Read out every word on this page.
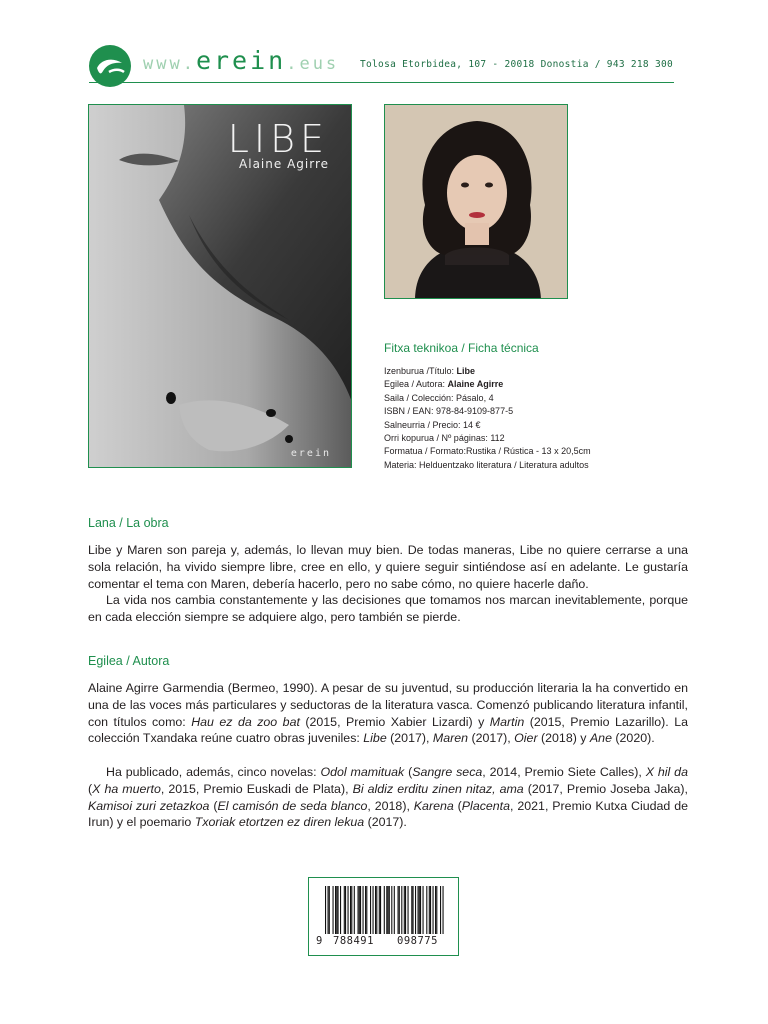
www.erein.eus Tolosa Etorbidea, 107 - 20018 Donostia / 943 218 300
LIBE
Alaine Agirre
erein
Fitxa teknikoa / Ficha técnica
Izenburua /Título: Libe
Egilea / Autora: Alaine Agirre
Saila / Colección: Pásalo, 4
ISBN / EAN: 978-84-9109-877-5
Salneurria / Precio: 14 €
Orri kopurua / Nº páginas: 112
Formatua / Formato:Rustika / Rústica - 13 x 20,5cm
Materia: Helduentzako literatura / Literatura adultos
Lana / La obra

Libe y Maren son pareja y, además, lo llevan muy bien. De todas maneras, Libe no quiere cerrarse a una sola relación, ha vivido siempre libre, cree en ello, y quiere seguir sintiéndose así en adelante. Le gustaría comentar el tema con Maren, debería hacerlo, pero no sabe cómo, no quiere hacerle daño.

La vida nos cambia constantemente y las decisiones que tomamos nos marcan inevitablemente, porque en cada elección siempre se adquiere algo, pero también se pierde.

Egilea / Autora

Alaine Agirre Garmendia (Bermeo, 1990). A pesar de su juventud, su producción literaria la ha convertido en una de las voces más particulares y seductoras de la literatura vasca. Comenzó publicando literatura infantil, con títulos como: Hau ez da zoo bat (2015, Premio Xabier Lizardi) y Martin (2015, Premio Lazarillo). La colección Txandaka reúne cuatro obras juveniles: Libe (2017), Maren (2017), Oier (2018) y Ane (2020).

Ha publicado, además, cinco novelas: Odol mamituak (Sangre seca, 2014, Premio Siete Calles), X hil da (X ha muerto, 2015, Premio Euskadi de Plata), Bi aldiz erditu zinen nitaz, ama (2017, Premio Joseba Jaka), Kamisoi zuri zetazkoa (El camisón de seda blanco, 2018), Karena (Placenta, 2021, Premio Kutxa Ciudad de Irun) y el poemario Txoriak etortzen ez diren lekua (2017).

9 788491 098775
